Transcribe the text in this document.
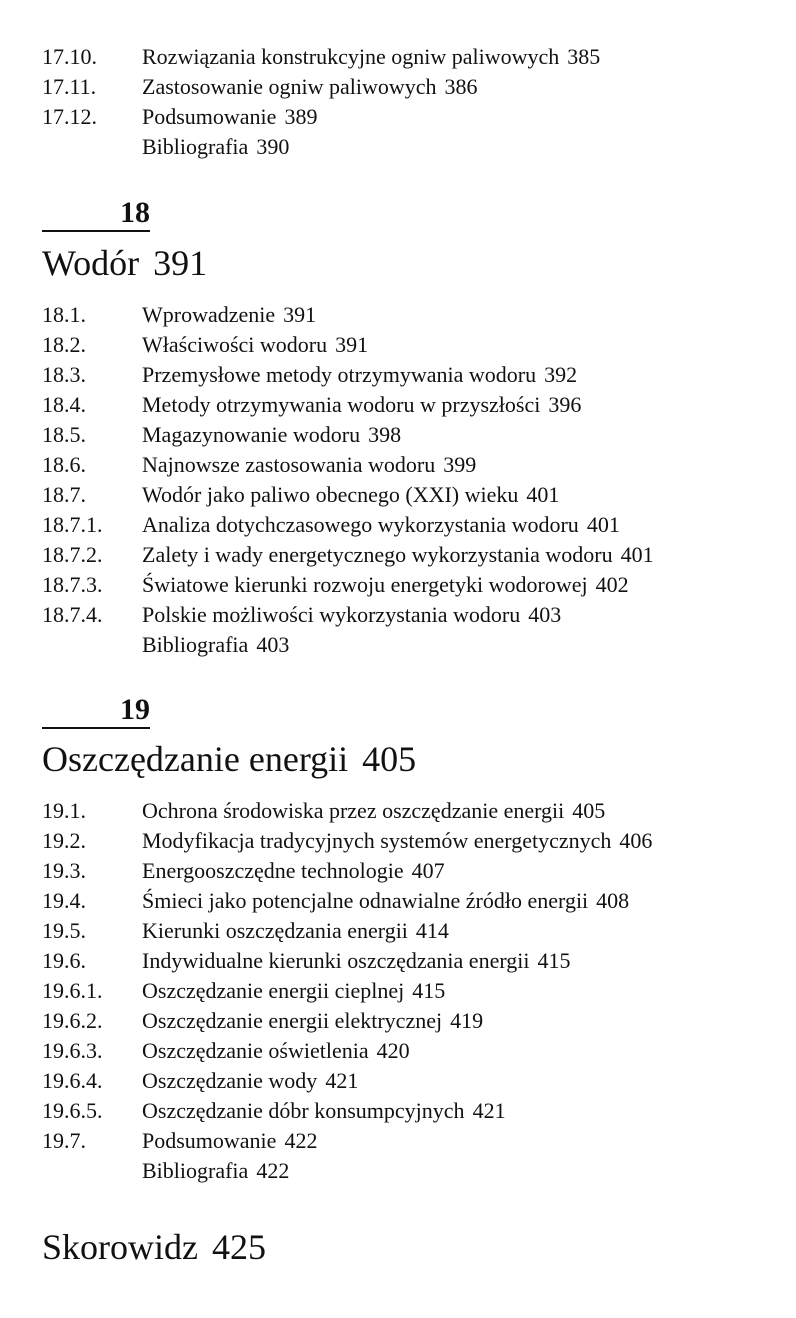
17.10.	Rozwiązania konstrukcyjne ogniw paliwowych 385
17.11.	Zastosowanie ogniw paliwowych 386
17.12.	Podsumowanie 389
Bibliografia 390
18
Wodór 391
18.1.	Wprowadzenie 391
18.2.	Właściwości wodoru 391
18.3.	Przemysłowe metody otrzymywania wodoru 392
18.4.	Metody otrzymywania wodoru w przyszłości 396
18.5.	Magazynowanie wodoru 398
18.6.	Najnowsze zastosowania wodoru 399
18.7.	Wodór jako paliwo obecnego (XXI) wieku 401
18.7.1.	Analiza dotychczasowego wykorzystania wodoru 401
18.7.2.	Zalety i wady energetycznego wykorzystania wodoru 401
18.7.3.	Światowe kierunki rozwoju energetyki wodorowej 402
18.7.4.	Polskie możliwości wykorzystania wodoru 403
Bibliografia 403
19
Oszczędzanie energii 405
19.1.	Ochrona środowiska przez oszczędzanie energii 405
19.2.	Modyfikacja tradycyjnych systemów energetycznych 406
19.3.	Energooszczędne technologie 407
19.4.	Śmieci jako potencjalne odnawialne źródło energii 408
19.5.	Kierunki oszczędzania energii 414
19.6.	Indywidualne kierunki oszczędzania energii 415
19.6.1.	Oszczędzanie energii cieplnej 415
19.6.2.	Oszczędzanie energii elektrycznej 419
19.6.3.	Oszczędzanie oświetlenia 420
19.6.4.	Oszczędzanie wody 421
19.6.5.	Oszczędzanie dóbr konsumpcyjnych 421
19.7.	Podsumowanie 422
Bibliografia 422
Skorowidz 425
